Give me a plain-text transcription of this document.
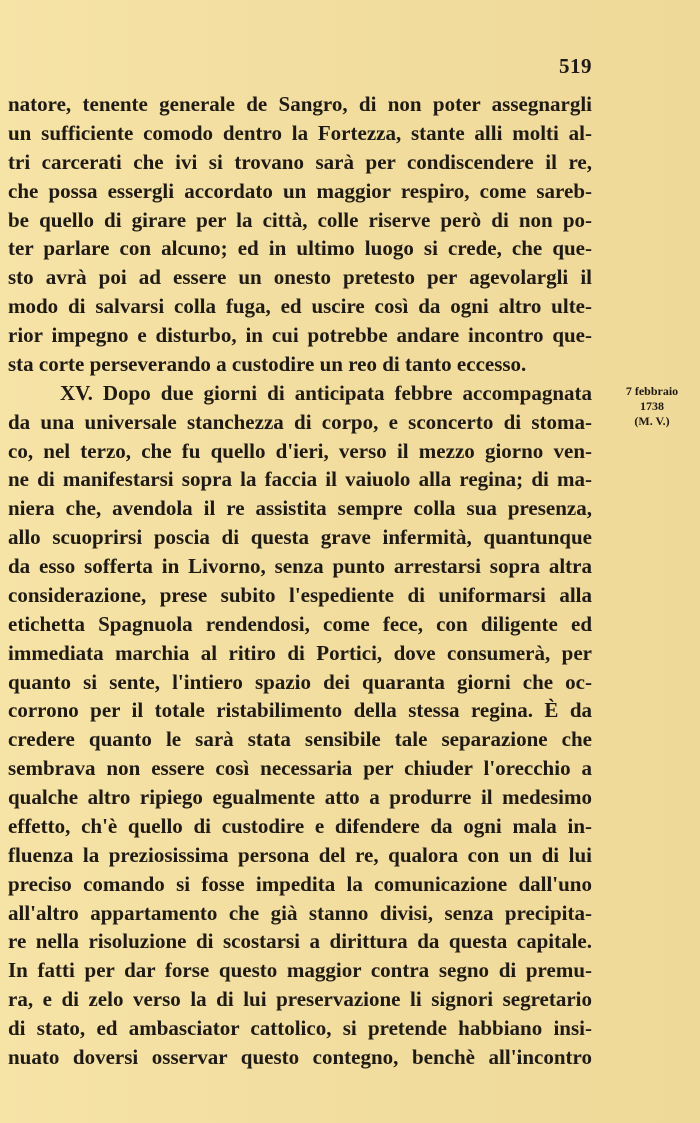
519
natore, tenente generale de Sangro, di non poter assegnargli
un sufficiente comodo dentro la Fortezza, stante alli molti al-
tri carcerati che ivi si trovano sarà per condiscendere il re,
che possa essergli accordato un maggior respiro, come sareb-
be quello di girare per la città, colle riserve però di non po-
ter parlare con alcuno; ed in ultimo luogo si crede, che que-
sto avrà poi ad essere un onesto pretesto per agevolargli il
modo di salvarsi colla fuga, ed uscire così da ogni altro ulte-
rior impegno e disturbo, in cui potrebbe andare incontro que-
sta corte perseverando a custodire un reo di tanto eccesso.
XV. Dopo due giorni di anticipata febbre accompagnata
da una universale stanchezza di corpo, e sconcerto di stoma-
co, nel terzo, che fu quello d'ieri, verso il mezzo giorno ven-
ne di manifestarsi sopra la faccia il vaiuolo alla regina; di ma-
niera che, avendola il re assistita sempre colla sua presenza,
allo scuoprirsi poscia di questa grave infermità, quantunque
da esso sofferta in Livorno, senza punto arrestarsi sopra altra
considerazione, prese subito l'espediente di uniformarsi alla
etichetta Spagnuola rendendosi, come fece, con diligente ed
immediata marchia al ritiro di Portici, dove consumerà, per
quanto si sente, l'intiero spazio dei quaranta giorni che oc-
corrono per il totale ristabilimento della stessa regina. È da
credere quanto le sarà stata sensibile tale separazione che
sembrava non essere così necessaria per chiuder l'orecchio a
qualche altro ripiego egualmente atto a produrre il medesimo
effetto, ch'è quello di custodire e difendere da ogni mala in-
fluenza la preziosissima persona del re, qualora con un di lui
preciso comando si fosse impedita la comunicazione dall'uno
all'altro appartamento che già stanno divisi, senza precipita-
re nella risoluzione di scostarsi a dirittura da questa capitale.
In fatti per dar forse questo maggior contra segno di premu-
ra, e di zelo verso la di lui preservazione li signori segretario
di stato, ed ambasciator cattolico, si pretende habbiano insi-
nuato doversi osservar questo contegno, benchè all'incontro
7 febbraio
1738
(M. V.)
